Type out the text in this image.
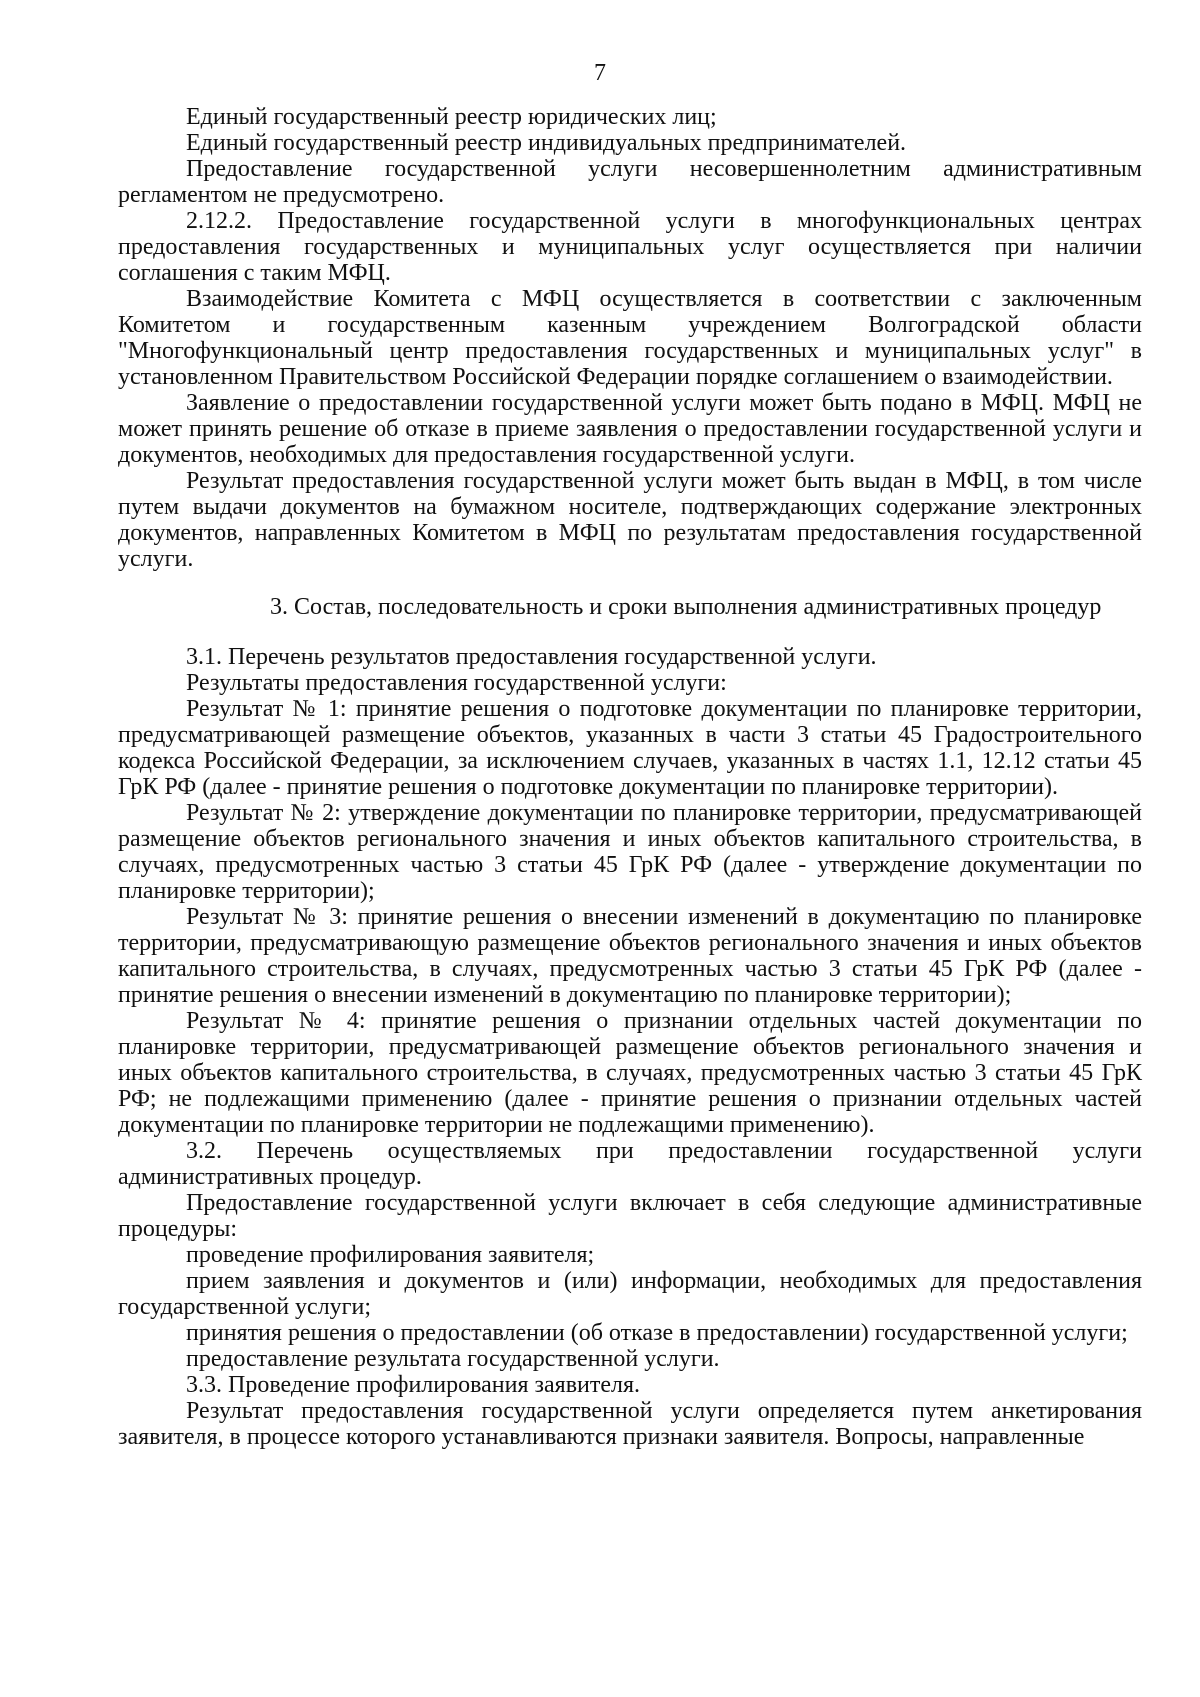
7

Единый государственный реестр юридических лиц;

Единый государственный реестр индивидуальных предпринимателей.

Предоставление государственной услуги несовершеннолетним административным регламентом не предусмотрено.

2.12.2. Предоставление государственной услуги в многофункциональных центрах предоставления государственных и муниципальных услуг осуществляется при наличии соглашения с таким МФЦ.

Взаимодействие Комитета с МФЦ осуществляется в соответствии с заключенным Комитетом и государственным казенным учреждением Волгоградской области "Многофункциональный центр предоставления государственных и муниципальных услуг" в установленном Правительством Российской Федерации порядке соглашением о взаимодействии.

Заявление о предоставлении государственной услуги может быть подано в МФЦ. МФЦ не может принять решение об отказе в приеме заявления о предоставлении государственной услуги и документов, необходимых для предоставления государственной услуги.

Результат предоставления государственной услуги может быть выдан в МФЦ, в том числе путем выдачи документов на бумажном носителе, подтверждающих содержание электронных документов, направленных Комитетом в МФЦ по результатам предоставления государственной услуги.

3. Состав, последовательность и сроки выполнения административных процедур

3.1. Перечень результатов предоставления государственной услуги.

Результаты предоставления государственной услуги:

Результат № 1: принятие решения о подготовке документации по планировке территории, предусматривающей размещение объектов, указанных в части 3 статьи 45 Градостроительного кодекса Российской Федерации, за исключением случаев, указанных в частях 1.1, 12.12 статьи 45 ГрК РФ (далее - принятие решения о подготовке документации по планировке территории).

Результат № 2: утверждение документации по планировке территории, предусматривающей размещение объектов регионального значения и иных объектов капитального строительства, в случаях, предусмотренных частью 3 статьи 45 ГрК РФ (далее - утверждение документации по планировке территории);

Результат № 3: принятие решения о внесении изменений в документацию по планировке территории, предусматривающую размещение объектов регионального значения и иных объектов капитального строительства, в случаях, предусмотренных частью 3 статьи 45 ГрК РФ (далее - принятие решения о внесении изменений в документацию по планировке территории);

Результат № 4: принятие решения о признании отдельных частей документации по планировке территории, предусматривающей размещение объектов регионального значения и иных объектов капитального строительства, в случаях, предусмотренных частью 3 статьи 45 ГрК РФ; не подлежащими применению (далее - принятие решения о признании отдельных частей документации по планировке территории не подлежащими применению).

3.2. Перечень осуществляемых при предоставлении государственной услуги административных процедур.

Предоставление государственной услуги включает в себя следующие административные процедуры:

проведение профилирования заявителя;

прием заявления и документов и (или) информации, необходимых для предоставления государственной услуги;

принятия решения о предоставлении (об отказе в предоставлении) государственной услуги;

предоставление результата государственной услуги.

3.3. Проведение профилирования заявителя.

Результат предоставления государственной услуги определяется путем анкетирования заявителя, в процессе которого устанавливаются признаки заявителя. Вопросы, направленные
